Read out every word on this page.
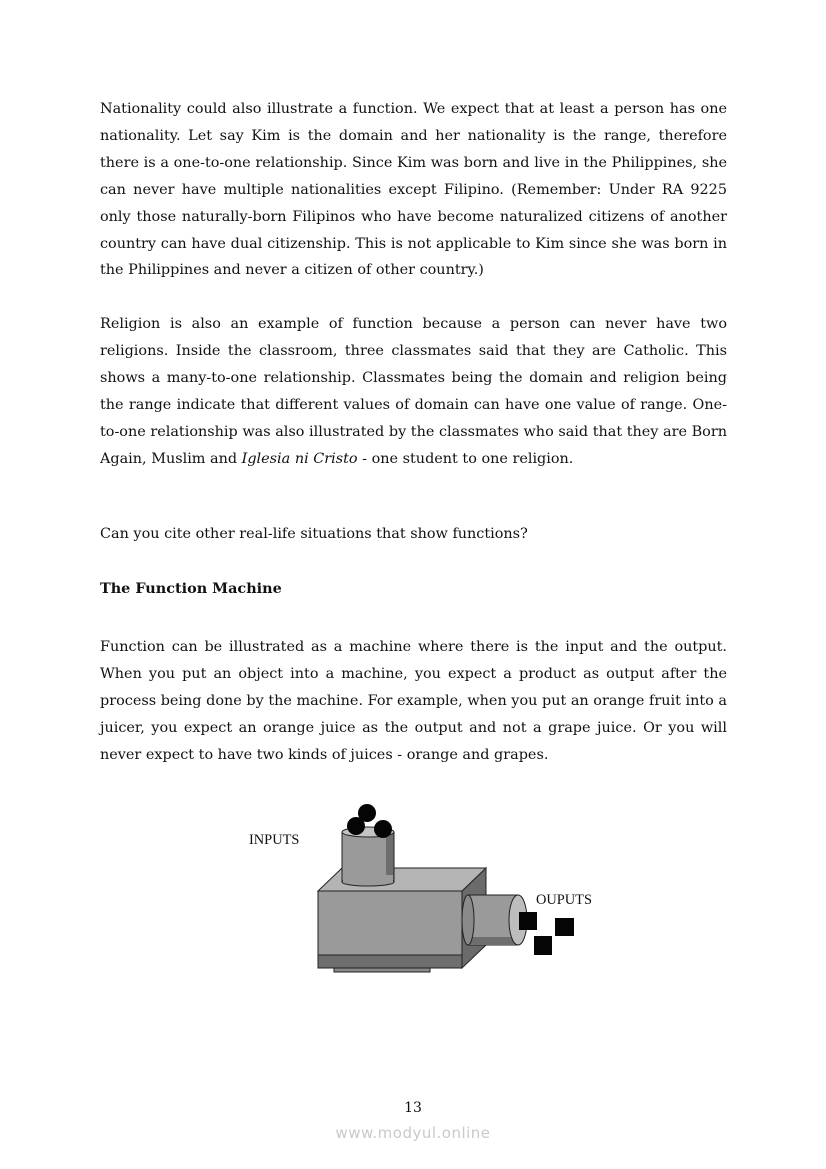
Nationality could also illustrate a function. We expect that at least a person has one nationality. Let say Kim is the domain and her nationality is the range, therefore there is a one-to-one relationship. Since Kim was born and live in the Philippines, she can never have multiple nationalities except Filipino. (Remember: Under RA 9225 only those naturally-born Filipinos who have become naturalized citizens of another country can have dual citizenship. This is not applicable to Kim since she was born in the Philippines and never a citizen of other country.)

Religion is also an example of function because a person can never have two religions. Inside the classroom, three classmates said that they are Catholic. This shows a many-to-one relationship. Classmates being the domain and religion being the range indicate that different values of domain can have one value of range. One-to-one relationship was also illustrated by the classmates who said that they are Born Again, Muslim and Iglesia ni Cristo - one student to one religion.

Can you cite other real-life situations that show functions?

The Function Machine

Function can be illustrated as a machine where there is the input and the output. When you put an object into a machine, you expect a product as output after the process being done by the machine. For example, when you put an orange fruit into a juicer, you expect an orange juice as the output and not a grape juice. Or you will never expect to have two kinds of juices - orange and grapes.

INPUTS
OUPUTS
13
www.modyul.online
